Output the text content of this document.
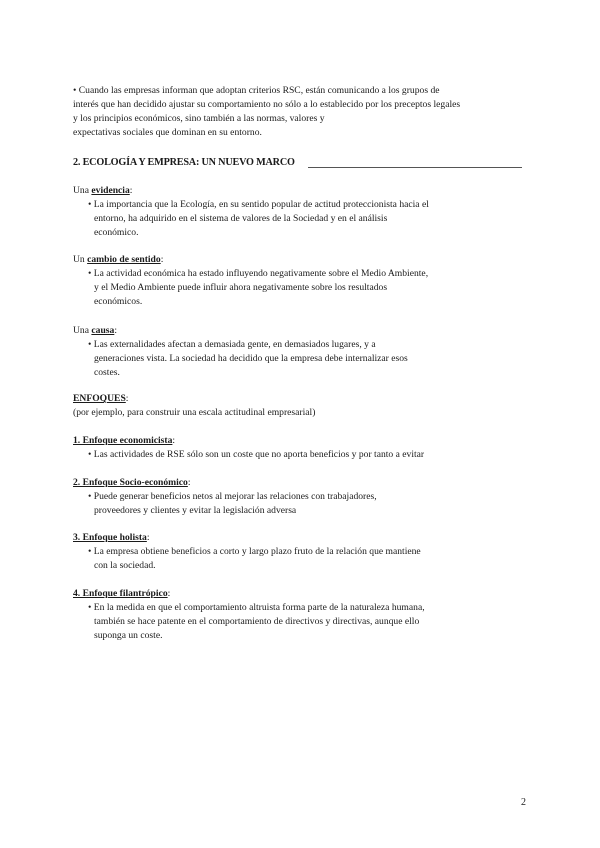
• Cuando las empresas informan que adoptan criterios RSC, están comunicando a los grupos de
interés que han decidido ajustar su comportamiento no sólo a lo establecido por los preceptos legales
y los principios económicos, sino también a las normas, valores y
expectativas sociales que dominan en su entorno.
2. ECOLOGÍA Y EMPRESA: UN NUEVO MARCO
Una evidencia:
• La importancia que la Ecología, en su sentido popular de actitud proteccionista hacia el
entorno, ha adquirido en el sistema de valores de la Sociedad y en el análisis
económico.
Un cambio de sentido:
• La actividad económica ha estado influyendo negativamente sobre el Medio Ambiente,
y el Medio Ambiente puede influir ahora negativamente sobre los resultados
económicos.
Una causa:
• Las externalidades afectan a demasiada gente, en demasiados lugares, y a
generaciones vista. La sociedad ha decidido que la empresa debe internalizar esos
costes.
ENFOQUES:
(por ejemplo, para construir una escala actitudinal empresarial)
1. Enfoque economicista:
• Las actividades de RSE sólo son un coste que no aporta beneficios y por tanto a evitar
2. Enfoque Socio-económico:
• Puede generar beneficios netos al mejorar las relaciones con trabajadores,
proveedores y clientes y evitar la legislación adversa
3. Enfoque holista:
• La empresa obtiene beneficios a corto y largo plazo fruto de la relación que mantiene
con la sociedad.
4. Enfoque filantrópico:
• En la medida en que el comportamiento altruista forma parte de la naturaleza humana,
también se hace patente en el comportamiento de directivos y directivas, aunque ello
suponga un coste.
2
